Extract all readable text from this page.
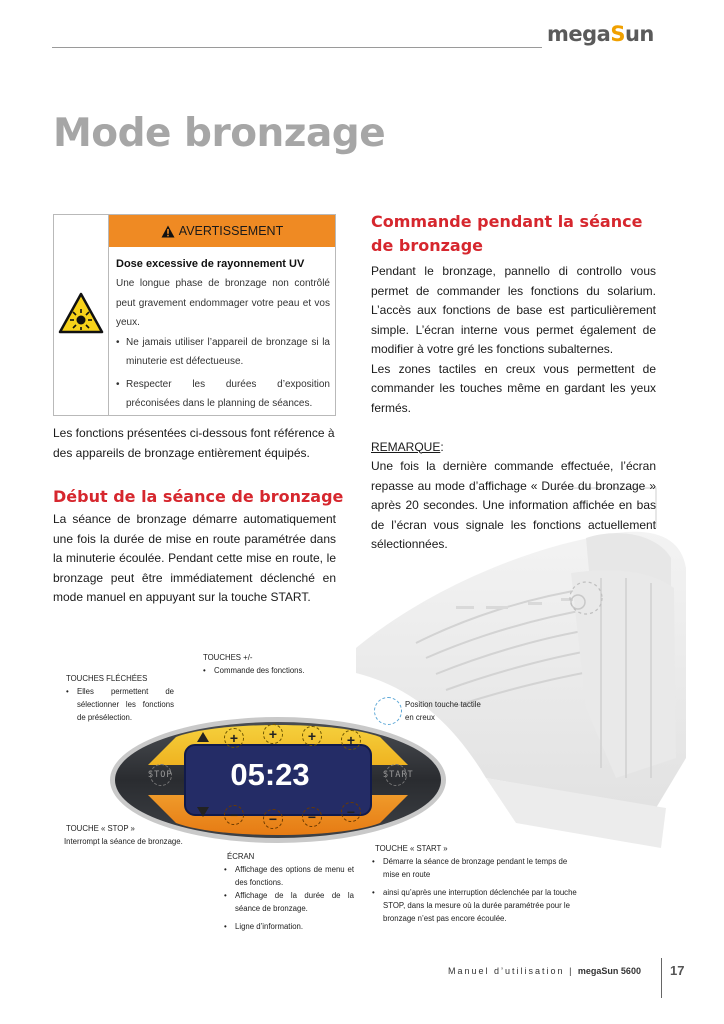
megaSun
Mode bronzage
AVERTISSEMENT
Dose excessive de rayonnement UV

Une longue phase de bronzage non contrôlé peut gravement endommager votre peau et vos yeux.

• Ne jamais utiliser l’appareil de bronzage si la minuterie est défectueuse.
• Respecter les durées d’exposition préconisées dans le planning de séances.
Les fonctions présentées ci-dessous font référence à des appareils de bronzage entièrement équipés.
Début de la séance de bronzage
La séance de bronzage démarre automatiquement une fois la durée de mise en route paramétrée dans la minuterie écoulée. Pendant cette mise en route, le bronzage peut être immédiatement déclenché en mode manuel en appuyant sur la touche START.
Commande pendant la séance de bronzage

Pendant le bronzage, pannello di controllo vous permet de commander les fonctions du solarium. L’accès aux fonctions de base est particulièrement simple. L’écran interne vous permet également de modifier à votre gré les fonctions subalternes.

Les zones tactiles en creux vous permettent de commander les touches même en gardant les yeux fermés.

REMARQUE:

Une fois la dernière commande effectuée, l’écran repasse au mode d’affichage « Durée du bronzage » après 20 secondes. Une information affichée en bas de l’écran vous signale les fonctions actuellement sélectionnées.

+	+	+	+
−	−	−	−
STOP	START
05:23
TOUCHES +/-
•	Commande des fonctions.
TOUCHES FLÉCHÉES
•	Elles permettent de sélectionner les fonctions de présélection.
Position touche tactile en creux
TOUCHE « STOP »
Interrompt la séance de bronzage.
ÉCRAN
•	Affichage des options de menu et des fonctions.
•	Affichage de la durée de la séance de bronzage.
•	Ligne d’information.
TOUCHE « START »
•	Démarre la séance de bronzage pendant le temps de mise en route
•	ainsi qu’après une interruption déclenchée par la touche STOP, dans la mesure où la durée paramétrée pour le bronzage n’est pas encore écoulée.
Manuel d’utilisation | megaSun 5600 17
